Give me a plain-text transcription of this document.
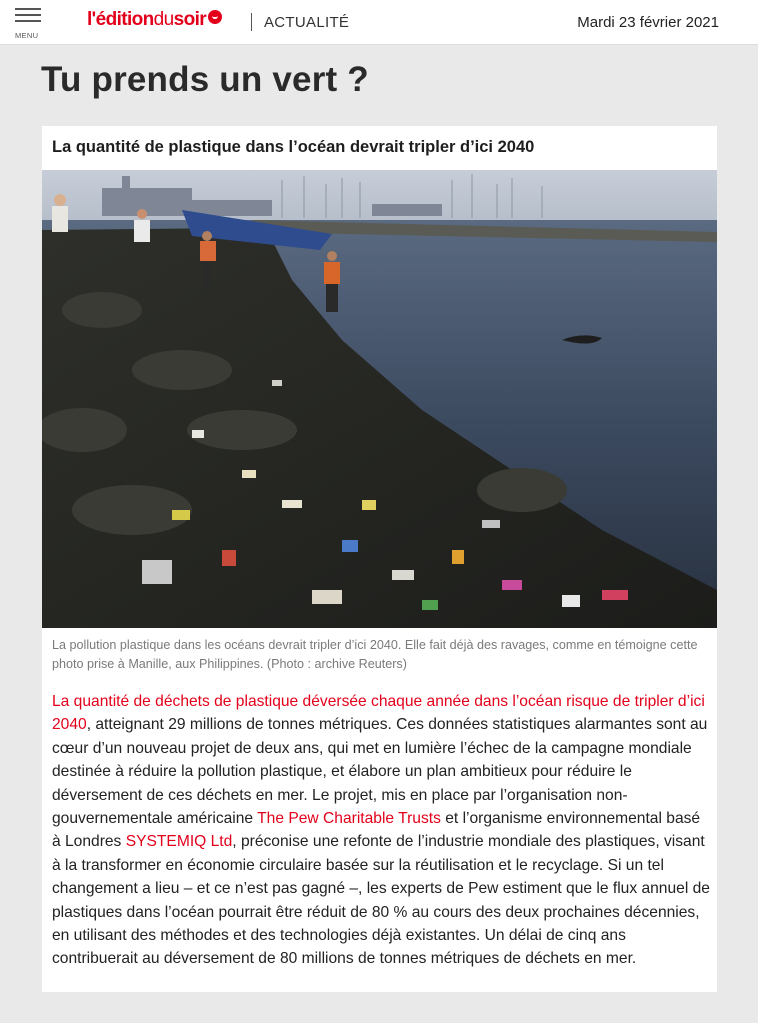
MENU
l'éditiondusoir	ACTUALITÉ	Mardi 23 février 2021
Tu prends un vert ?
La quantité de plastique dans l’océan devrait tripler d’ici 2040

La pollution plastique dans les océans devrait tripler d’ici 2040. Elle fait déjà des ravages, comme en témoigne cette photo prise à Manille, aux Philippines. (Photo : archive Reuters)

La quantité de déchets de plastique déversée chaque année dans l’océan risque de tripler d’ici 2040, atteignant 29 millions de tonnes métriques. Ces données statistiques alarmantes sont au cœur d’un nouveau projet de deux ans, qui met en lumière l’échec de la campagne mondiale destinée à réduire la pollution plastique, et élabore un plan ambitieux pour réduire le déversement de ces déchets en mer. Le projet, mis en place par l’organisation non-gouvernementale américaine The Pew Charitable Trusts et l’organisme environnemental basé à Londres SYSTEMIQ Ltd, préconise une refonte de l’industrie mondiale des plastiques, visant à la transformer en économie circulaire basée sur la réutilisation et le recyclage. Si un tel changement a lieu – et ce n’est pas gagné –, les experts de Pew estiment que le flux annuel de plastiques dans l’océan pourrait être réduit de 80 % au cours des deux prochaines décennies, en utilisant des méthodes et des technologies déjà existantes. Un délai de cinq ans contribuerait au déversement de 80 millions de tonnes métriques de déchets en mer.
